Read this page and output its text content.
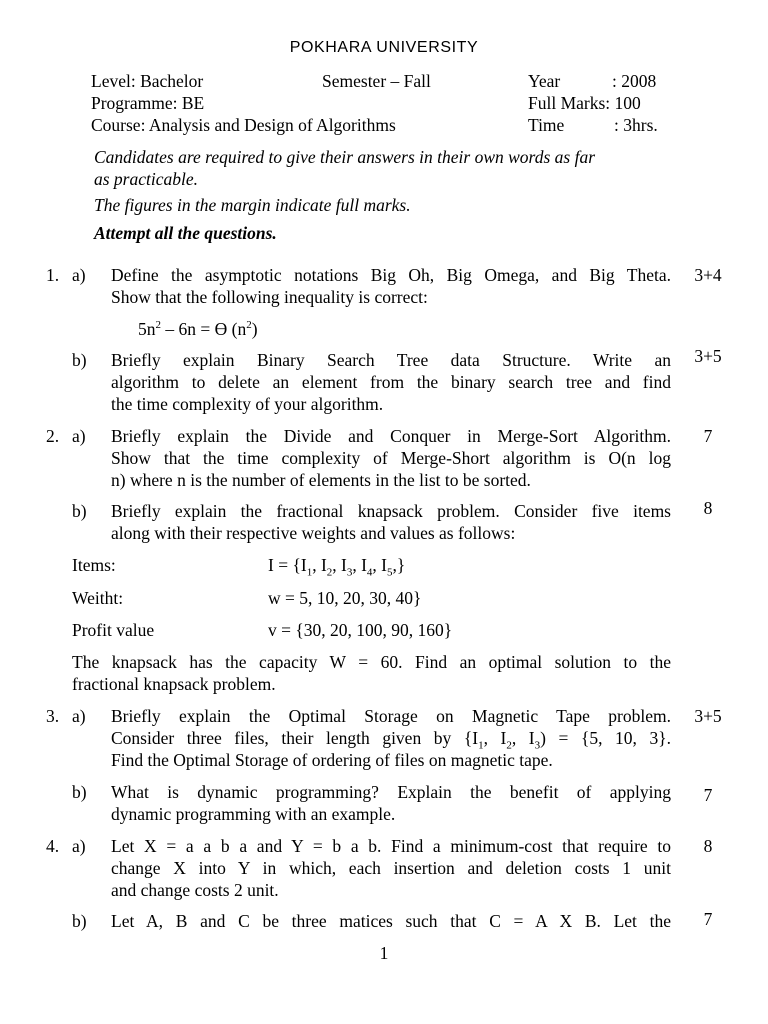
POKHARA UNIVERSITY
Level: Bachelor	Semester – Fall	Year	: 2008
Programme: BE	Full Marks: 100
Course: Analysis and Design of Algorithms	Time	: 3hrs.
Candidates are required to give their answers in their own words as far
as practicable.
The figures in the margin indicate full marks.
Attempt all the questions.
1. a) Define the asymptotic notations Big Oh, Big Omega, and Big Theta.
Show that the following inequality is correct:
$5n^2 - 6n = ϴ$ $(n^2)$
3+4
b) Briefly explain Binary Search Tree data Structure. Write an
algorithm to delete an element from the binary search tree and find
the time complexity of your algorithm.
3+5
2. a) Briefly explain the Divide and Conquer in Merge-Sort Algorithm.
Show that the time complexity of Merge-Short algorithm is O(n log
n) where n is the number of elements in the list to be sorted.
7
b) Briefly explain the fractional knapsack problem. Consider five items
along with their respective weights and values as follows:
8
Items:	$I = \{I_1$, $I_2$, $I_3$, $I_4$, $I_5$,}
Weitht:	w = 5, 10, 20, 30, 40}
Profit value	v = {30, 20, 100, 90, 160}
The knapsack has the capacity W = 60. Find an optimal solution to the
fractional knapsack problem.
3. a) Briefly explain the Optimal Storage on Magnetic Tape problem.
Consider three files, their length given by {$I_1$, $I_2$, $I_3) = \{5$, 10, 3}.
Find the Optimal Storage of ordering of files on magnetic tape.
3+5
b) What is dynamic programming? Explain the benefit of applying
dynamic programming with an example.
7
4. a) Let X = a a b a and Y = b a b. Find a minimum-cost that require to
change X into Y in which, each insertion and deletion costs 1 unit
and change costs 2 unit.
8
b) Let A, B and C be three matices such that C = A X B. Let the	7
1
